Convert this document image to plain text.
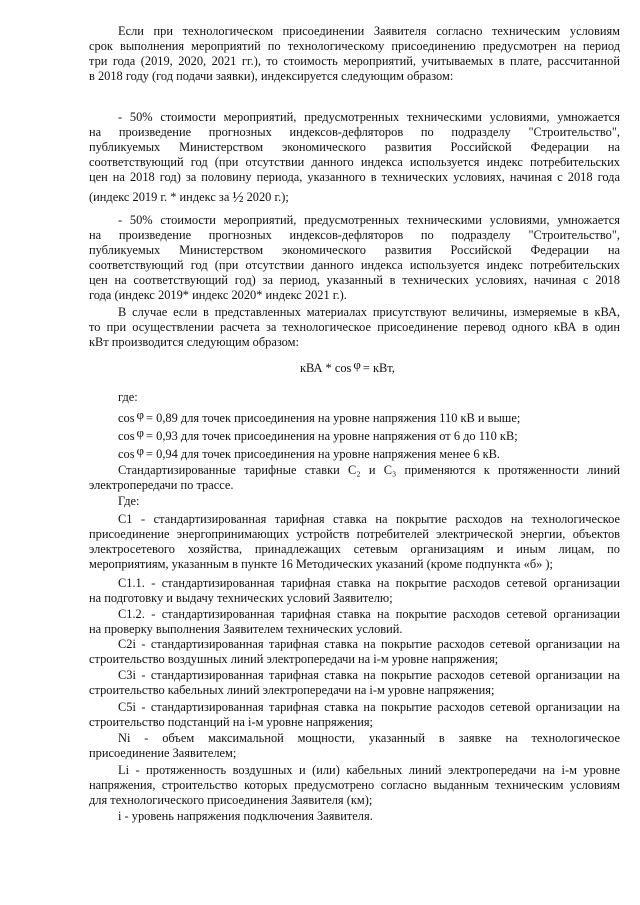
Если при технологическом присоединении Заявителя согласно техническим условиям
срок выполнения мероприятий по технологическому присоединению предусмотрен на период
три года (2019, 2020, 2021 гг.), то стоимость мероприятий, учитываемых в плате, рассчитанной
в 2018 году (год подачи заявки), индексируется следующим образом:
- 50% стоимости мероприятий, предусмотренных техническими условиями, умножается
на произведение прогнозных индексов-дефляторов по подразделу "Строительство",
публикуемых Министерством экономического развития Российской Федерации на
соответствующий год (при отсутствии данного индекса используется индекс потребительских
цен на 2018 год) за половину периода, указанного в технических условиях, начиная с 2018 года
(индекс 2019 г. * индекс за ½ 2020 г.);
- 50% стоимости мероприятий, предусмотренных техническими условиями, умножается
на произведение прогнозных индексов-дефляторов по подразделу "Строительство",
публикуемых Министерством экономического развития Российской Федерации на
соответствующий год (при отсутствии данного индекса используется индекс потребительских
цен на соответствующий год) за период, указанный в технических условиях, начиная с 2018
года (индекс 2019* индекс 2020* индекс 2021 г.).
В случае если в представленных материалах присутствуют величины, измеряемые в кВА,
то при осуществлении расчета за технологическое присоединение перевод одного кВА в один
кВт производится следующим образом:
кВА * cos φ = кВт,
где:
cos φ = 0,89 для точек присоединения на уровне напряжения 110 кВ и выше;
cos φ = 0,93 для точек присоединения на уровне напряжения от 6 до 110 кВ;
cos φ = 0,94 для точек присоединения на уровне напряжения менее 6 кВ.
Стандартизированные тарифные ставки C₂ и C₃ применяются к протяженности линий
электропередачи по трассе.
Где:
C1 - стандартизированная тарифная ставка на покрытие расходов на технологическое
присоединение энергопринимающих устройств потребителей электрической энергии, объектов
электросетевого хозяйства, принадлежащих сетевым организациям и иным лицам, по
мероприятиям, указанным в пункте 16 Методических указаний (кроме подпункта «б» );
C1.1. - стандартизированная тарифная ставка на покрытие расходов сетевой организации
на подготовку и выдачу технических условий Заявителю;
C1.2. - стандартизированная тарифная ставка на покрытие расходов сетевой организации
на проверку выполнения Заявителем технических условий.
C2i - стандартизированная тарифная ставка на покрытие расходов сетевой организации на
строительство воздушных линий электропередачи на i-м уровне напряжения;
C3i - стандартизированная тарифная ставка на покрытие расходов сетевой организации на
строительство кабельных линий электропередачи на i-м уровне напряжения;
C5i - стандартизированная тарифная ставка на покрытие расходов сетевой организации на
строительство подстанций на i-м уровне напряжения;
Ni - объем максимальной мощности, указанный в заявке на технологическое
присоединение Заявителем;
Li - протяженность воздушных и (или) кабельных линий электропередачи на i-м уровне
напряжения, строительство которых предусмотрено согласно выданным техническим условиям
для технологического присоединения Заявителя (км);
i - уровень напряжения подключения Заявителя.
